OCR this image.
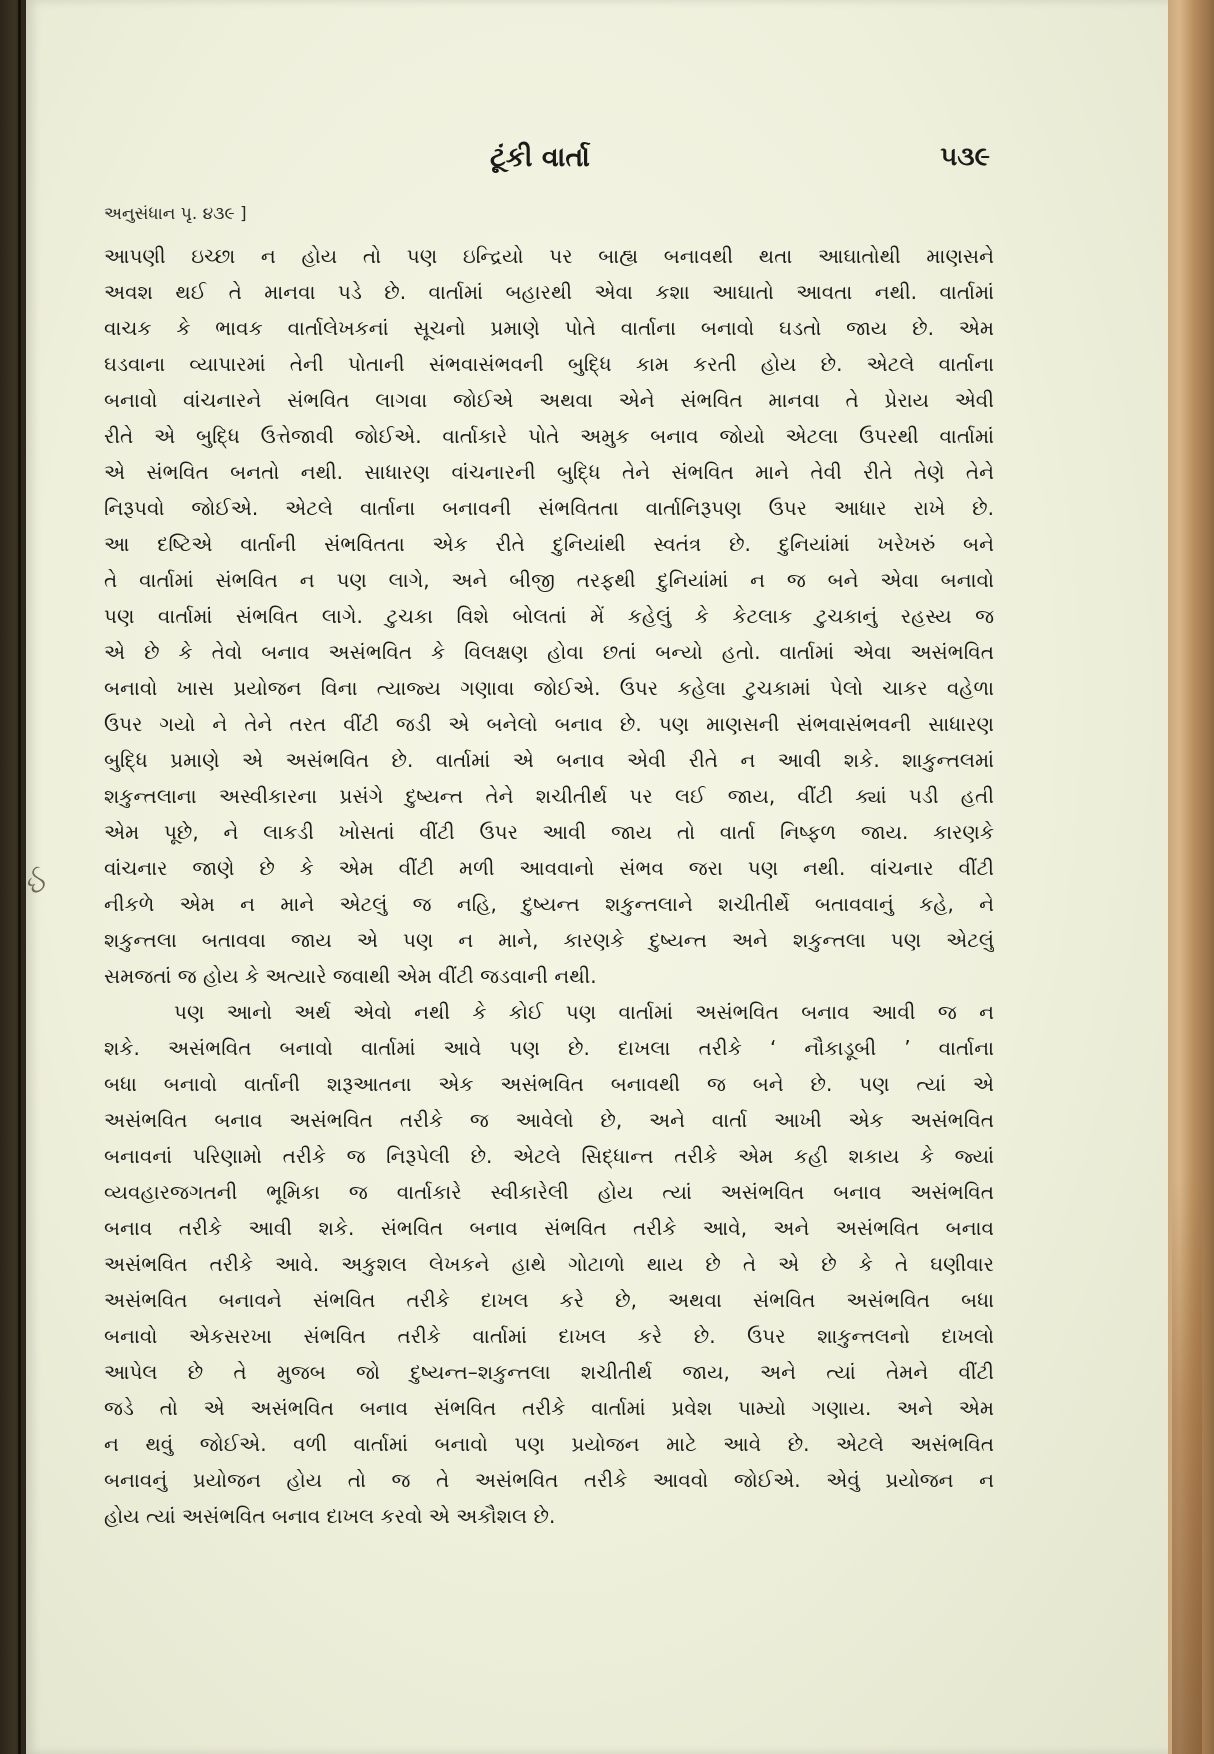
ઈ
ટૂંકી વાર્તા	૫૩૯
અનુસંધાન પૃ. ૪૩૯ ]
આપણી ઇચ્છા ન હોય તો પણ ઇન્દ્રિયો પર બાહ્ય બનાવથી થતા આઘાતોથી માણસને
અવશ થઈ તે માનવા પડે છે. વાર્તામાં બહારથી એવા કશા આઘાતો આવતા નથી. વાર્તામાં
વાચક કે ભાવક વાર્તાલેખકનાં સૂચનો પ્રમાણે પોતે વાર્તાના બનાવો ઘડતો જાય છે. એમ
ઘડવાના વ્યાપારમાં તેની પોતાની સંભવાસંભવની બુદ્ધિ કામ કરતી હોય છે. એટલે વાર્તાના
બનાવો વાંચનારને સંભવિત લાગવા જોઈએ અથવા એને સંભવિત માનવા તે પ્રેરાય એવી
રીતે એ બુદ્ધિ ઉત્તેજાવી જોઈએ. વાર્તાકારે પોતે અમુક બનાવ જોયો એટલા ઉપરથી વાર્તામાં
એ સંભવિત બનતો નથી. સાધારણ વાંચનારની બુદ્ધિ તેને સંભવિત માને તેવી રીતે તેણે તેને
નિરૂપવો જોઈએ. એટલે વાર્તાના બનાવની સંભવિતતા વાર્તાનિરૂપણ ઉપર આધાર રાખે છે.
આ દષ્ટિએ વાર્તાની સંભવિતતા એક રીતે દુનિયાંથી સ્વતંત્ર છે. દુનિયાંમાં ખરેખરું બને
તે વાર્તામાં સંભવિત ન પણ લાગે, અને બીજી તરફથી દુનિયાંમાં ન જ બને એવા બનાવો
પણ વાર્તામાં સંભવિત લાગે. ટુચકા વિશે બોલતાં મેં કહેલું કે કેટલાક ટુચકાનું રહસ્ય જ
એ છે કે તેવો બનાવ અસંભવિત કે વિલક્ષણ હોવા છતાં બન્યો હતો. વાર્તામાં એવા અસંભવિત
બનાવો ખાસ પ્રયોજન વિના ત્યાજ્ય ગણાવા જોઈએ. ઉપર કહેલા ટુચકામાં પેલો ચાકર વહેળા
ઉપર ગયો ને તેને તરત વીંટી જડી એ બનેલો બનાવ છે. પણ માણસની સંભવાસંભવની સાધારણ
બુદ્ધિ પ્રમાણે એ અસંભવિત છે. વાર્તામાં એ બનાવ એવી રીતે ન આવી શકે. શાકુન્તલમાં
શકુન્તલાના અસ્વીકારના પ્રસંગે દુષ્યન્ત તેને શચીતીર્થ પર લઈ જાય, વીંટી ક્યાં પડી હતી
એમ પૂછે, ને લાકડી ખોસતાં વીંટી ઉપર આવી જાય તો વાર્તા નિષ્ફળ જાય. કારણકે
વાંચનાર જાણે છે કે એમ વીંટી મળી આવવાનો સંભવ જરા પણ નથી. વાંચનાર વીંટી
નીકળે એમ ન માને એટલું જ નહિ, દુષ્યન્ત શકુન્તલાને શચીતીર્થે બતાવવાનું કહે, ને
શકુન્તલા બતાવવા જાય એ પણ ન માને, કારણકે દુષ્યન્ત અને શકુન્તલા પણ એટલું
સમજતાં જ હોય કે અત્યારે જવાથી એમ વીંટી જડવાની નથી.
પણ આનો અર્થ એવો નથી કે કોઈ પણ વાર્તામાં અસંભવિત બનાવ આવી જ ન
શકે. અસંભવિત બનાવો વાર્તામાં આવે પણ છે. દાખલા તરીકે ‘ નૌકાડૂબી ’ વાર્તાના
બધા બનાવો વાર્તાની શરૂઆતના એક અસંભવિત બનાવથી જ બને છે. પણ ત્યાં એ
અસંભવિત બનાવ અસંભવિત તરીકે જ આવેલો છે, અને વાર્તા આખી એક અસંભવિત
બનાવનાં પરિણામો તરીકે જ નિરૂપેલી છે. એટલે સિદ્ધાન્ત તરીકે એમ કહી શકાય કે જ્યાં
વ્યવહારજગતની ભૂમિકા જ વાર્તાકારે સ્વીકારેલી હોય ત્યાં અસંભવિત બનાવ અસંભવિત
બનાવ તરીકે આવી શકે. સંભવિત બનાવ સંભવિત તરીકે આવે, અને અસંભવિત બનાવ
અસંભવિત તરીકે આવે. અકુશલ લેખકને હાથે ગોટાળો થાય છે તે એ છે કે તે ઘણીવાર
અસંભવિત બનાવને સંભવિત તરીકે દાખલ કરે છે, અથવા સંભવિત અસંભવિત બધા
બનાવો એકસરખા સંભવિત તરીકે વાર્તામાં દાખલ કરે છે. ઉપર શાકુન્તલનો દાખલો
આપેલ છે તે મુજબ જો દુષ્યન્ત–શકુન્તલા શચીતીર્થ જાય, અને ત્યાં તેમને વીંટી
જડે તો એ અસંભવિત બનાવ સંભવિત તરીકે વાર્તામાં પ્રવેશ પામ્યો ગણાય. અને એમ
ન થવું જોઈએ. વળી વાર્તામાં બનાવો પણ પ્રયોજન માટે આવે છે. એટલે અસંભવિત
બનાવનું પ્રયોજન હોય તો જ તે અસંભવિત તરીકે આવવો જોઈએ. એવું પ્રયોજન ન
હોય ત્યાં અસંભવિત બનાવ દાખલ કરવો એ અકૌશલ છે.
